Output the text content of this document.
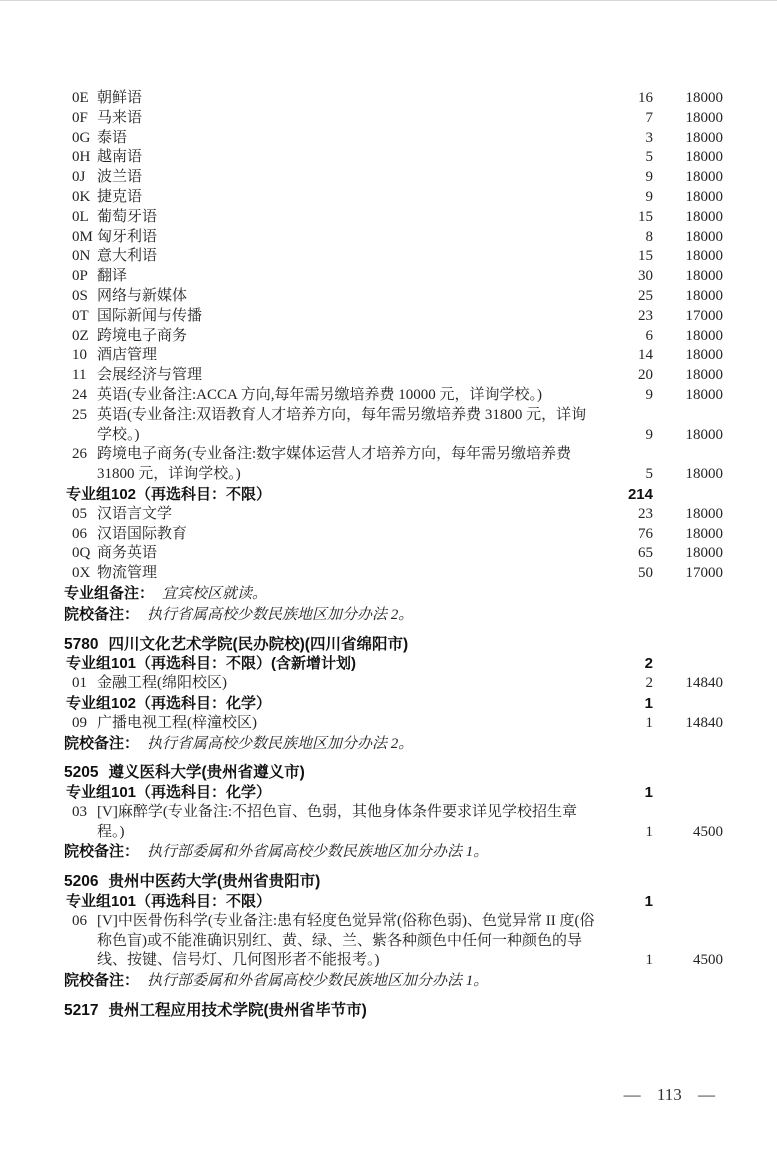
0E 朝鲜语	16	18000
0F 马来语	7	18000
0G 泰语	3	18000
0H 越南语	5	18000
0J 波兰语	9	18000
0K 捷克语	9	18000
0L 葡萄牙语	15	18000
0M 匈牙利语	8	18000
0N 意大利语	15	18000
0P 翻译	30	18000
0S 网络与新媒体	25	18000
0T 国际新闻与传播	23	17000
0Z 跨境电子商务	6	18000
10 酒店管理	14	18000
11 会展经济与管理	20	18000
24 英语(专业备注:ACCA 方向,每年需另缴培养费 10000 元，详询学校。)	9	18000
25 英语(专业备注:双语教育人才培养方向，每年需另缴培养费 31800 元，详询学校。)	9	18000
26 跨境电子商务(专业备注:数字媒体运营人才培养方向，每年需另缴培养费 31800 元，详询学校。)	5	18000
专业组102（再选科目：不限）	214
05 汉语言文学	23	18000
06 汉语国际教育	76	18000
0Q 商务英语	65	18000
0X 物流管理	50	17000
专业组备注： 宜宾校区就读。
院校备注： 执行省属高校少数民族地区加分办法 2。
5780 四川文化艺术学院(民办院校)(四川省绵阳市)
专业组101（再选科目：不限）(含新增计划)	2
01 金融工程(绵阳校区)	2	14840
专业组102（再选科目：化学）	1
09 广播电视工程(梓潼校区)	1	14840
院校备注： 执行省属高校少数民族地区加分办法 2。
5205 遵义医科大学(贵州省遵义市)
专业组101（再选科目：化学）	1
03 [V]麻醉学(专业备注:不招色盲、色弱，其他身体条件要求详见学校招生章程。)	1	4500
院校备注： 执行部委属和外省属高校少数民族地区加分办法 1。
5206 贵州中医药大学(贵州省贵阳市)
专业组101（再选科目：不限）	1
06 [V]中医骨伤科学(专业备注:患有轻度色觉异常(俗称色弱)、色觉异常 II 度(俗称色盲)或不能准确识别红、黄、绿、兰、紫各种颜色中任何一种颜色的导线、按键、信号灯、几何图形者不能报考。)	1	4500
院校备注： 执行部委属和外省属高校少数民族地区加分办法 1。
5217 贵州工程应用技术学院(贵州省毕节市)
— 113 —
